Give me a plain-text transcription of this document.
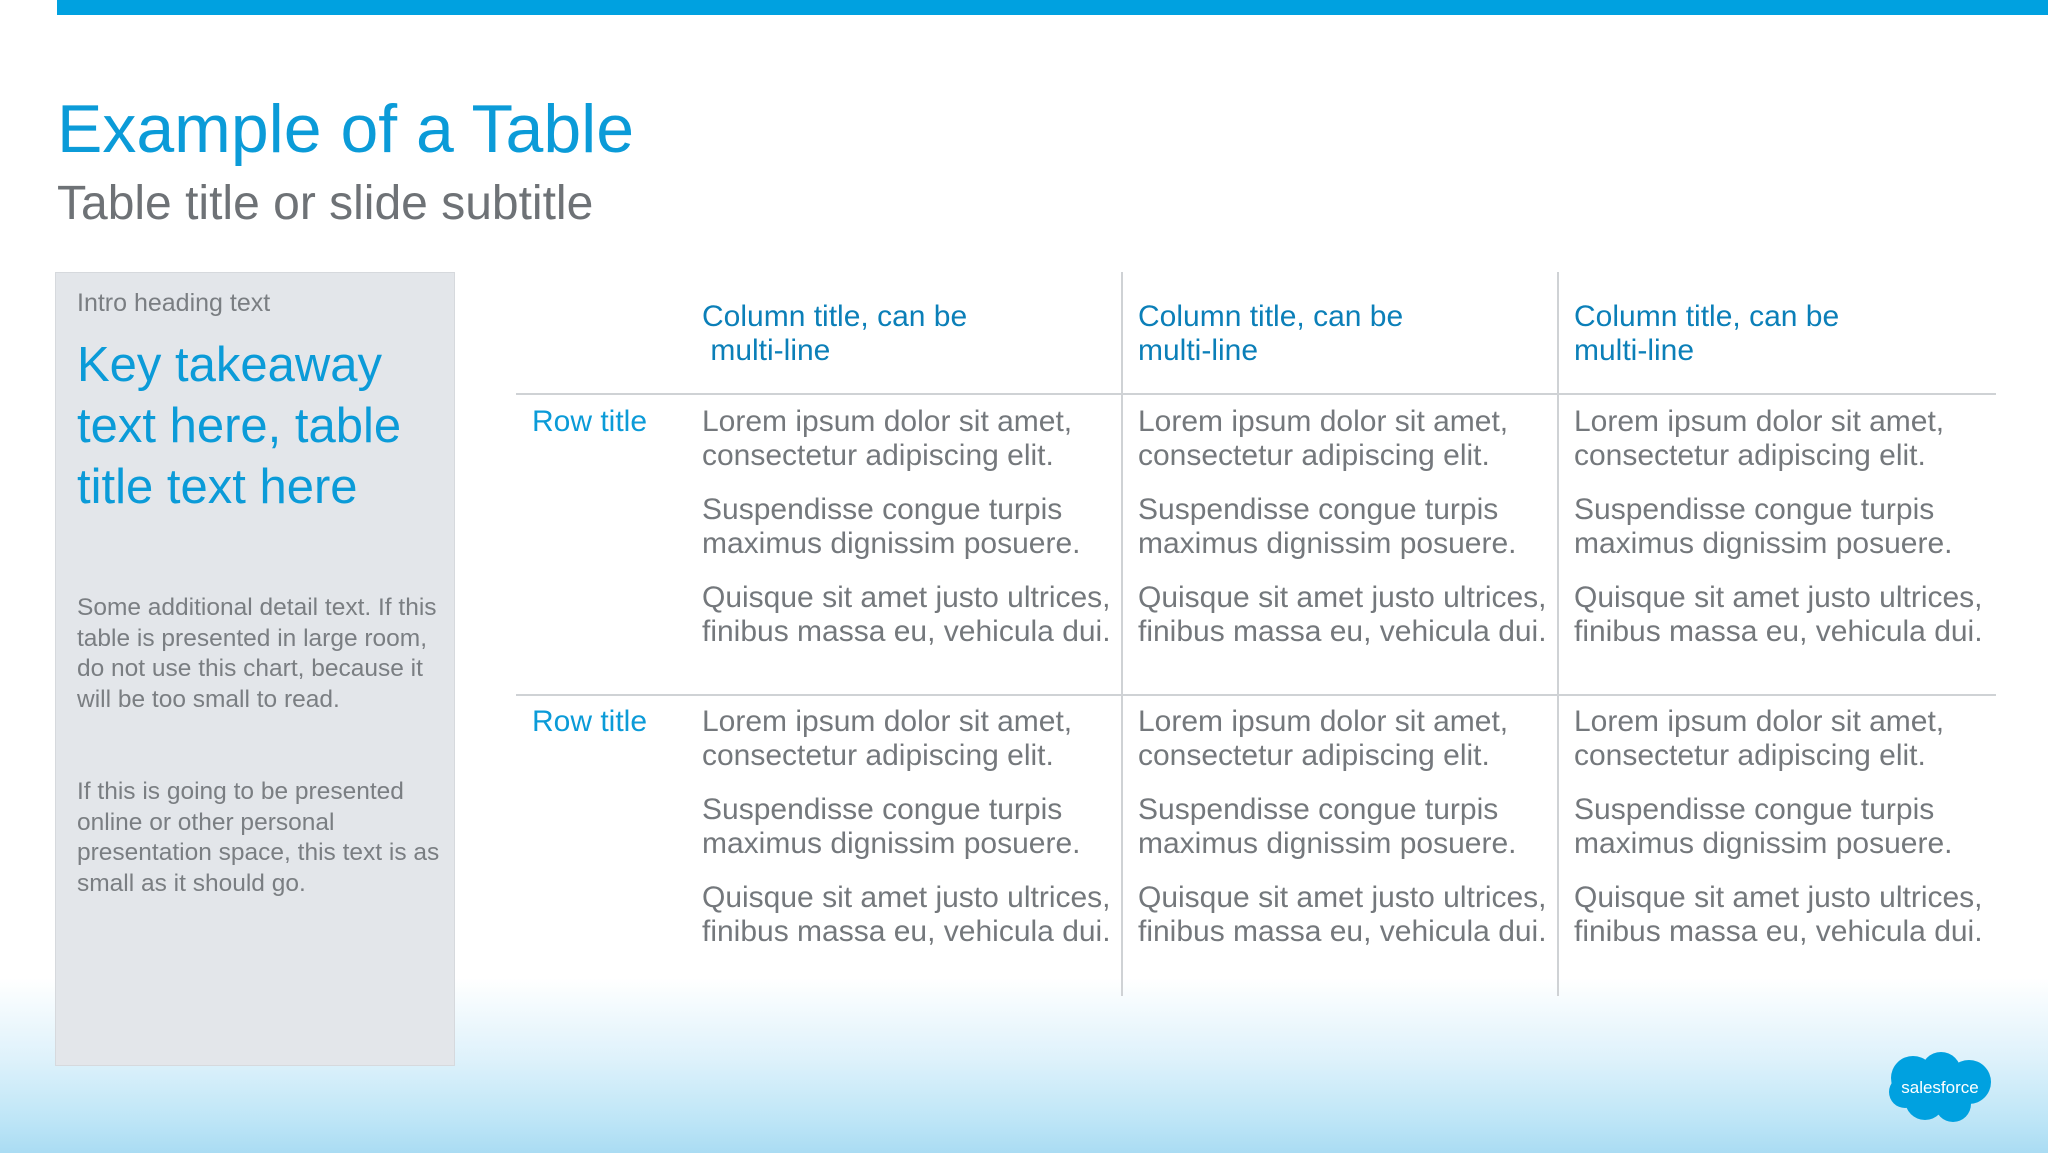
Example of a Table
Table title or slide subtitle
Intro heading text
Key takeaway text here, table title text here
Some additional detail text. If this table is presented in large room, do not use this chart, because it will be too small to read.
If this is going to be presented online or other personal presentation space, this text is as small as it should go.
Column title, can be
multi-line
Column title, can be
multi-line
Column title, can be
multi-line
Row title Lorem ipsum dolor sit amet, consectetur adipiscing elit.

Suspendisse congue turpis maximus dignissim posuere.

Quisque sit amet justo ultrices, finibus massa eu, vehicula dui.

Lorem ipsum dolor sit amet, consectetur adipiscing elit.

Suspendisse congue turpis maximus dignissim posuere.

Quisque sit amet justo ultrices, finibus massa eu, vehicula dui.

Lorem ipsum dolor sit amet, consectetur adipiscing elit.

Suspendisse congue turpis maximus dignissim posuere.

Quisque sit amet justo ultrices, finibus massa eu, vehicula dui.

Row title Lorem ipsum dolor sit amet, consectetur adipiscing elit.

Suspendisse congue turpis maximus dignissim posuere.

Quisque sit amet justo ultrices, finibus massa eu, vehicula dui.

Lorem ipsum dolor sit amet, consectetur adipiscing elit.

Suspendisse congue turpis maximus dignissim posuere.

Quisque sit amet justo ultrices, finibus massa eu, vehicula dui.

Lorem ipsum dolor sit amet, consectetur adipiscing elit.

Suspendisse congue turpis maximus dignissim posuere.

Quisque sit amet justo ultrices, finibus massa eu, vehicula dui.

salesforce
